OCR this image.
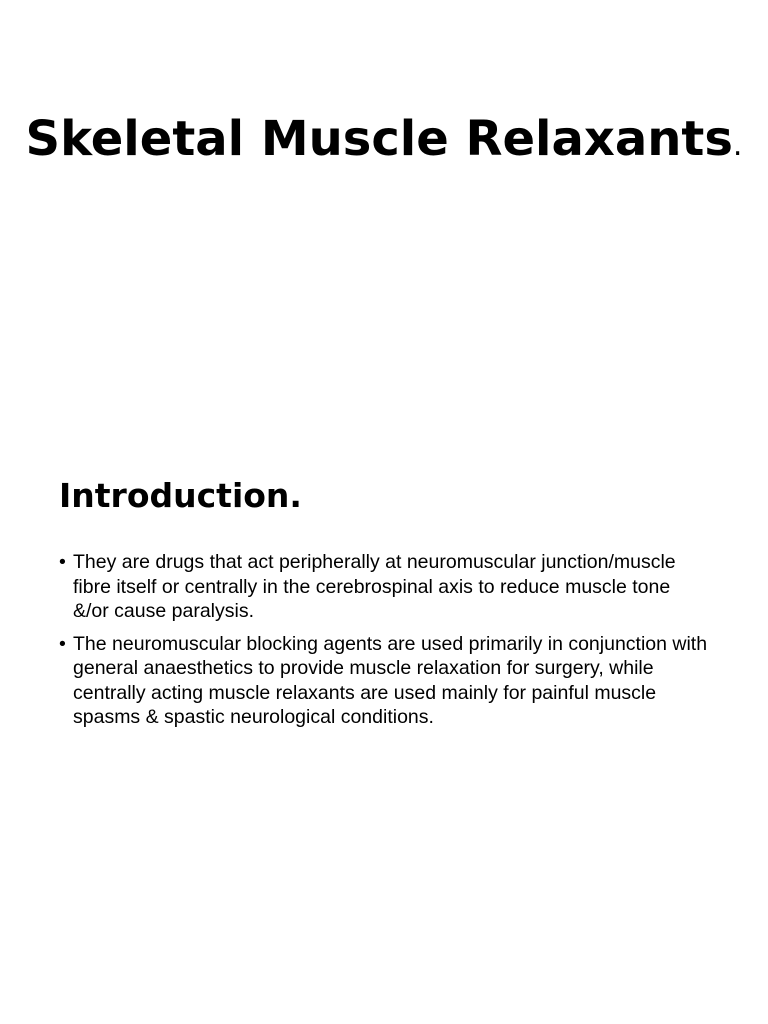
Skeletal Muscle Relaxants.
Introduction.
• They are drugs that act peripherally at neuromuscular junction/muscle fibre itself or centrally in the cerebrospinal axis to reduce muscle tone &/or cause paralysis.
• The neuromuscular blocking agents are used primarily in conjunction with general anaesthetics to provide muscle relaxation for surgery, while centrally acting muscle relaxants are used mainly for painful muscle spasms & spastic neurological conditions.
